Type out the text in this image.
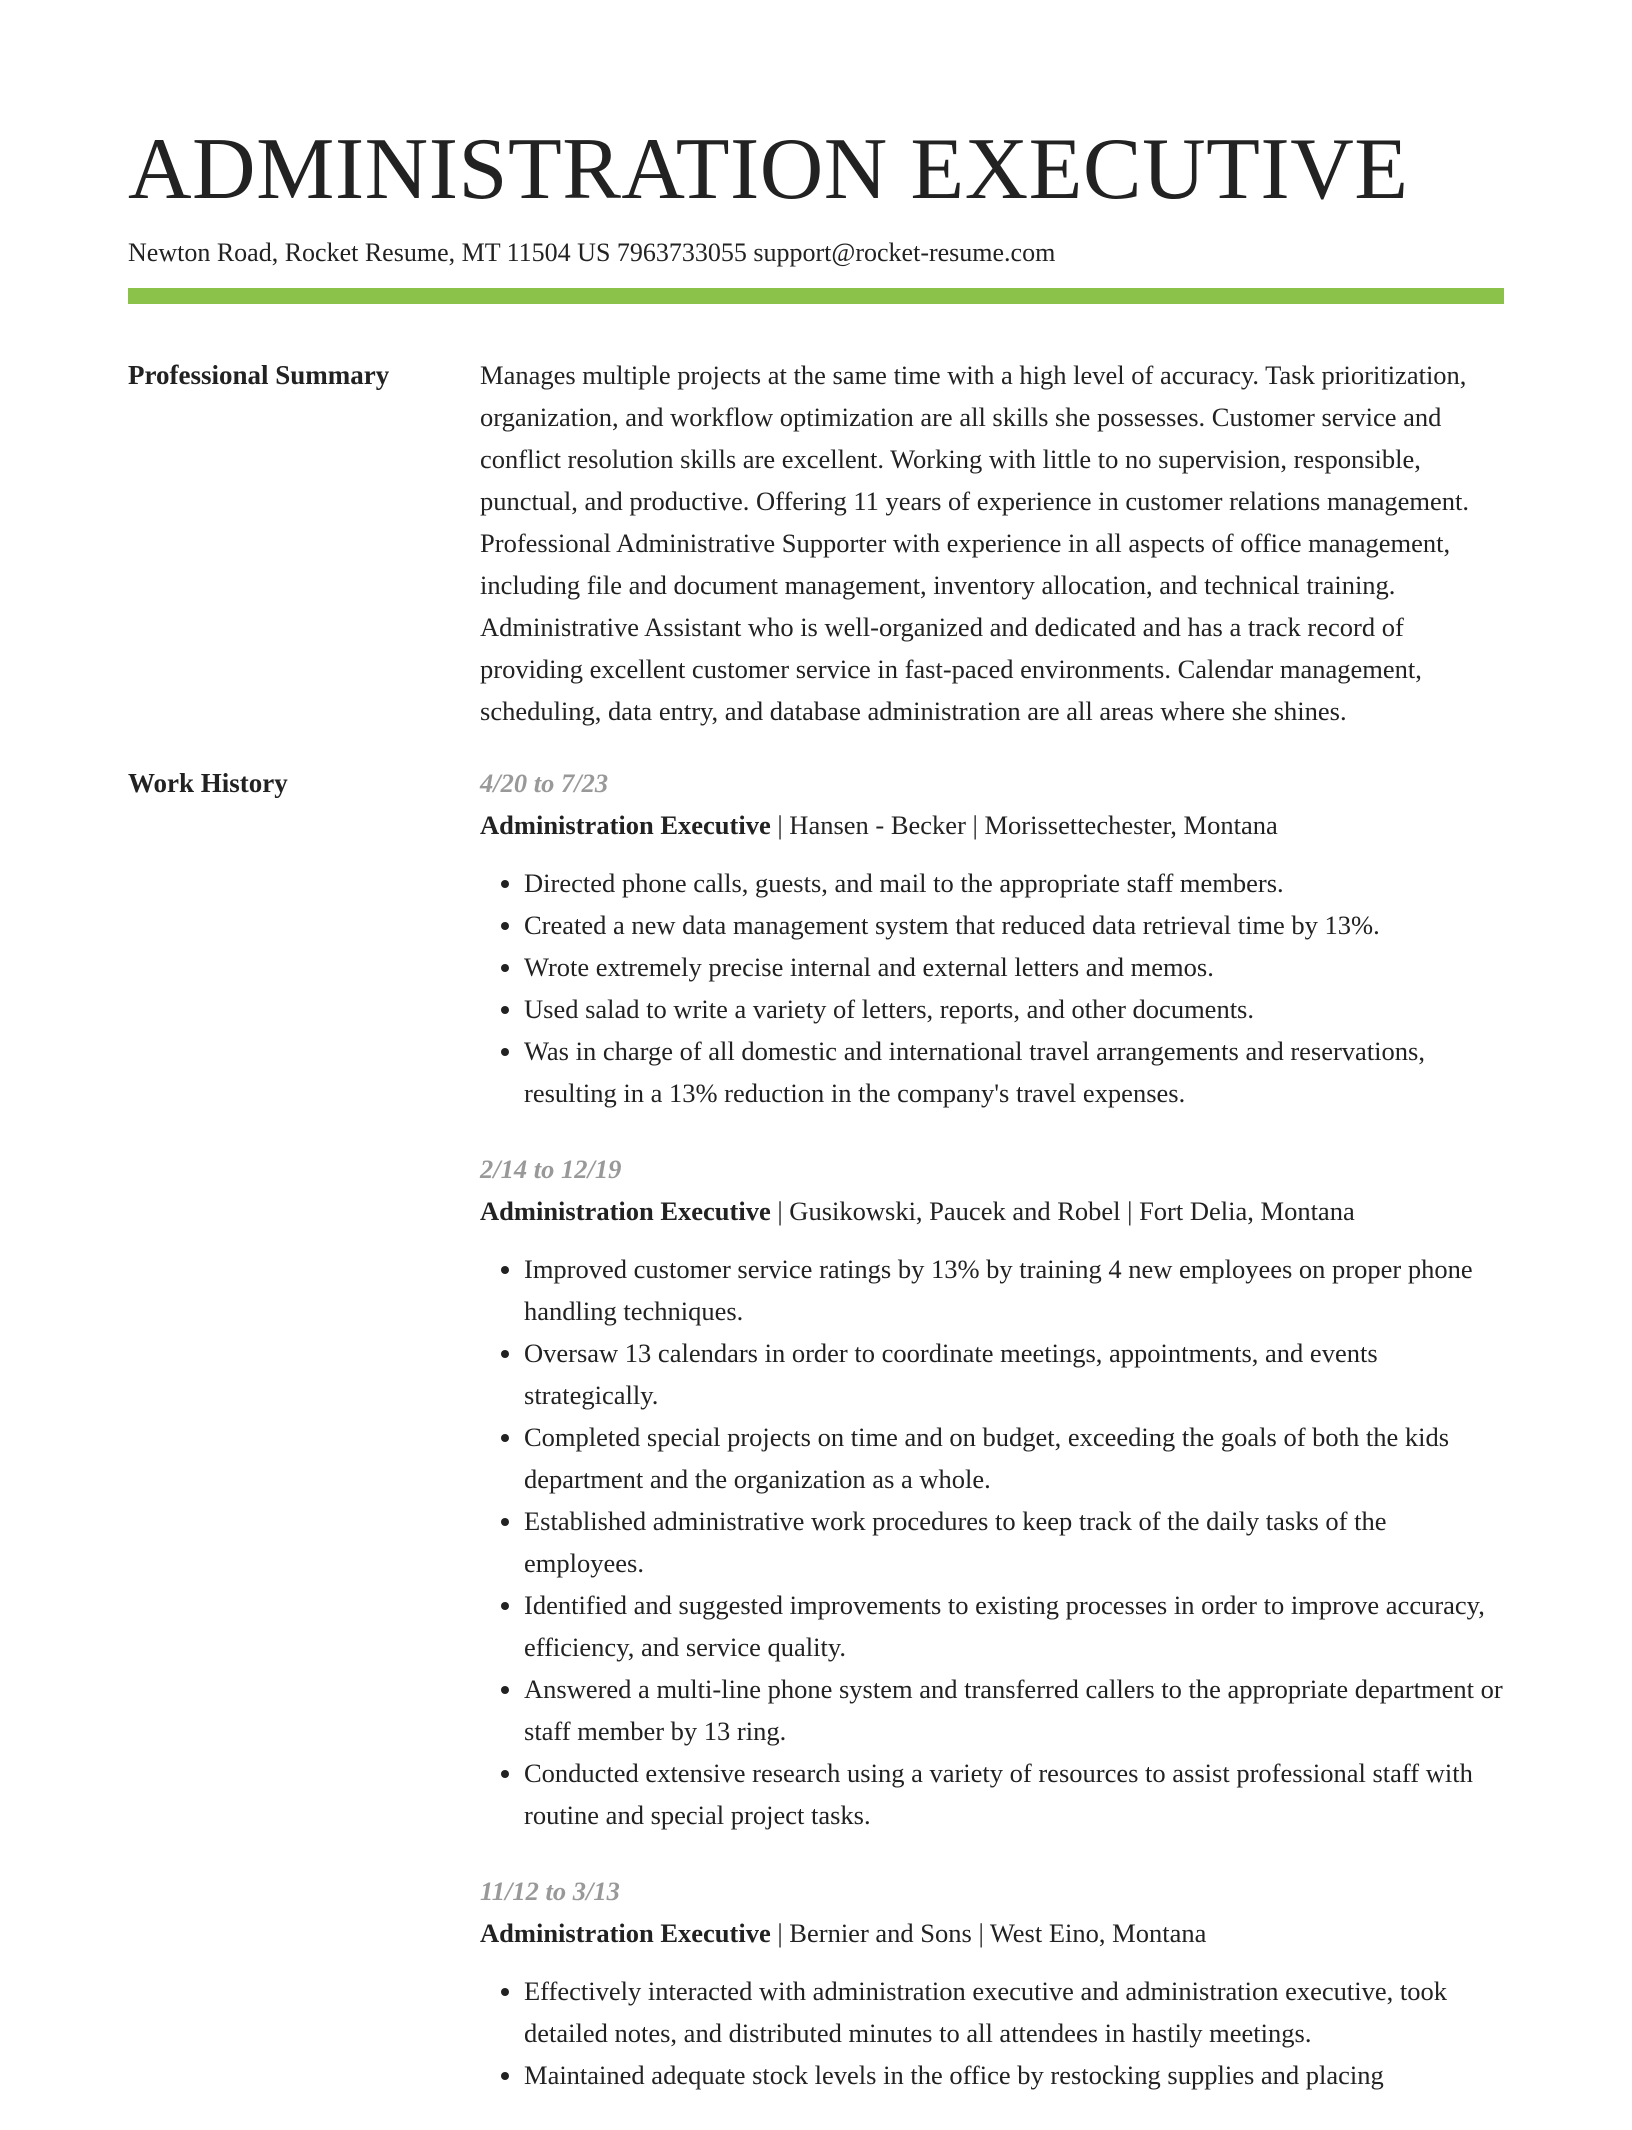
ADMINISTRATION EXECUTIVE
Newton Road, Rocket Resume, MT 11504 US 7963733055 support@rocket-resume.com
Professional Summary	Manages multiple projects at the same time with a high level of accuracy. Task prioritization, organization, and workflow optimization are all skills she possesses. Customer service and conflict resolution skills are excellent. Working with little to no supervision, responsible, punctual, and productive. Offering 11 years of experience in customer relations management. Professional Administrative Supporter with experience in all aspects of office management, including file and document management, inventory allocation, and technical training. Administrative Assistant who is well-organized and dedicated and has a track record of providing excellent customer service in fast-paced environments. Calendar management, scheduling, data entry, and database administration are all areas where she shines.

Work History	4/20 to 7/23
Administration Executive | Hansen - Becker | Morissettechester, Montana
• Directed phone calls, guests, and mail to the appropriate staff members.
• Created a new data management system that reduced data retrieval time by 13%.
• Wrote extremely precise internal and external letters and memos.
• Used salad to write a variety of letters, reports, and other documents.
• Was in charge of all domestic and international travel arrangements and reservations, resulting in a 13% reduction in the company's travel expenses.
2/14 to 12/19
Administration Executive | Gusikowski, Paucek and Robel | Fort Delia, Montana
• Improved customer service ratings by 13% by training 4 new employees on proper phone handling techniques.
• Oversaw 13 calendars in order to coordinate meetings, appointments, and events strategically.
• Completed special projects on time and on budget, exceeding the goals of both the kids department and the organization as a whole.
• Established administrative work procedures to keep track of the daily tasks of the employees.
• Identified and suggested improvements to existing processes in order to improve accuracy, efficiency, and service quality.
• Answered a multi-line phone system and transferred callers to the appropriate department or staff member by 13 ring.
• Conducted extensive research using a variety of resources to assist professional staff with routine and special project tasks.
11/12 to 3/13
Administration Executive | Bernier and Sons | West Eino, Montana
• Effectively interacted with administration executive and administration executive, took detailed notes, and distributed minutes to all attendees in hastily meetings.
• Maintained adequate stock levels in the office by restocking supplies and placing
